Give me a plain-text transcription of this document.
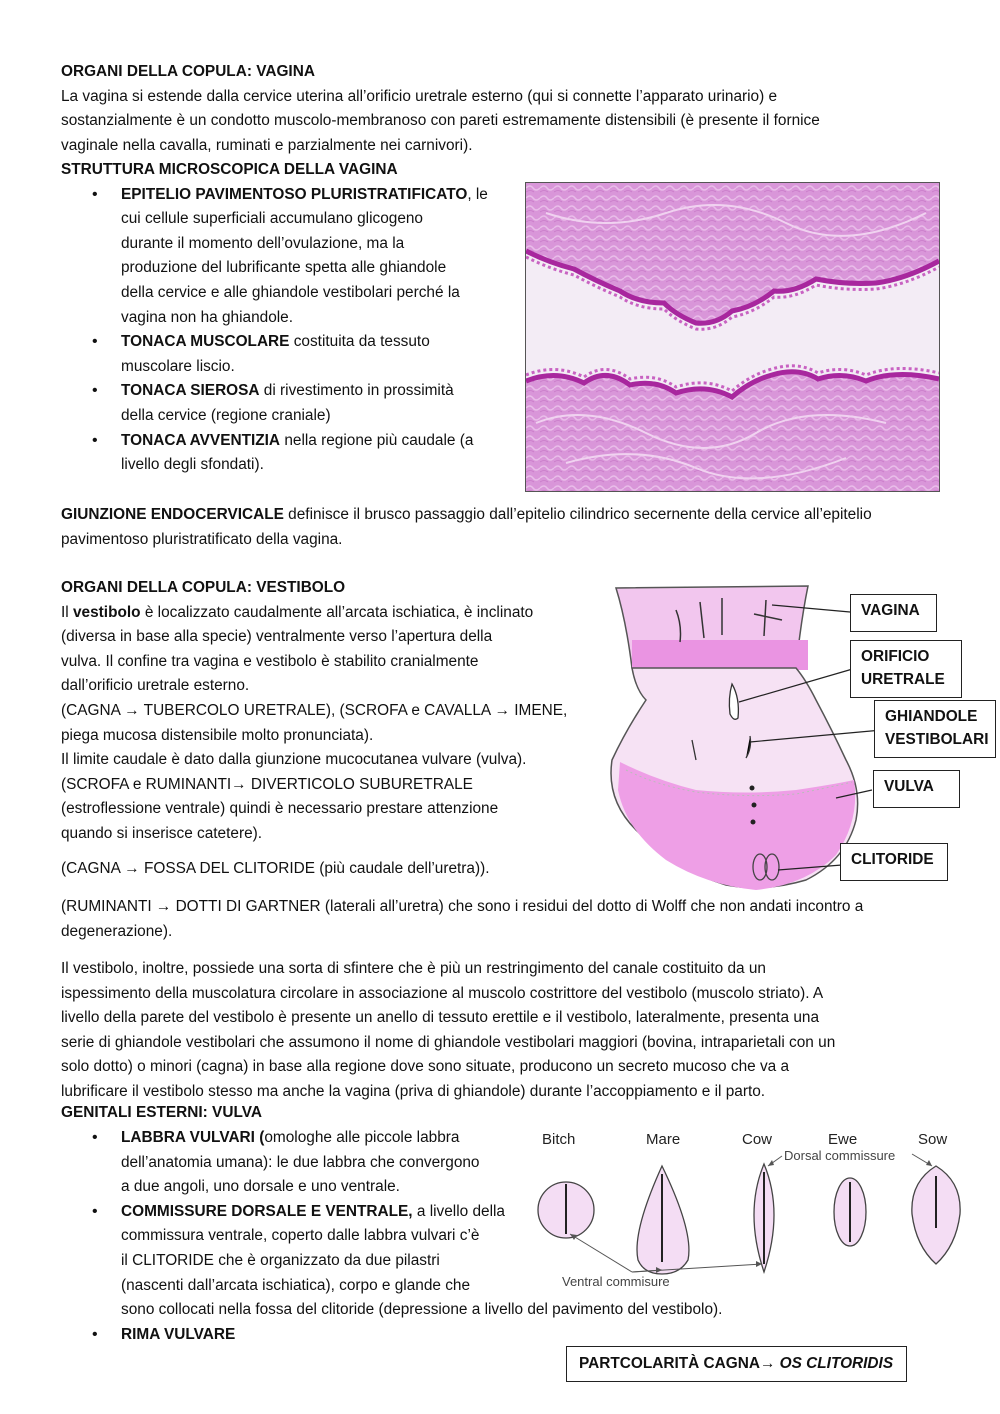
ORGANI DELLA COPULA: VAGINA
La vagina si estende dalla cervice uterina all’orificio uretrale esterno (qui si connette l’apparato urinario) e
sostanzialmente è un condotto muscolo-membranoso con pareti estremamente distensibili (è presente il fornice
vaginale nella cavalla, ruminati e parzialmente nei carnivori).
STRUTTURA MICROSCOPICA DELLA VAGINA
• EPITELIO PAVIMENTOSO PLURISTRATIFICATO, le
cui cellule superficiali accumulano glicogeno
durante il momento dell’ovulazione, ma la
produzione del lubrificante spetta alle ghiandole
della cervice e alle ghiandole vestibolari perché la
vagina non ha ghiandole.
• TONACA MUSCOLARE costituita da tessuto
muscolare liscio.
• TONACA SIEROSA di rivestimento in prossimità
della cervice (regione craniale)
• TONACA AVVENTIZIA nella regione più caudale (a
livello degli sfondati).
GIUNZIONE ENDOCERVICALE definisce il brusco passaggio dall’epitelio cilindrico secernente della cervice all’epitelio
pavimentoso pluristratificato della vagina.
ORGANI DELLA COPULA: VESTIBOLO
Il vestibolo è localizzato caudalmente all’arcata ischiatica, è inclinato
(diversa in base alla specie) ventralmente verso l’apertura della
vulva. Il confine tra vagina e vestibolo è stabilito cranialmente
dall’orificio uretrale esterno.
(CAGNA → TUBERCOLO URETRALE), (SCROFA e CAVALLA → IMENE,
piega mucosa distensibile molto pronunciata).
Il limite caudale è dato dalla giunzione mucocutanea vulvare (vulva).
(SCROFA e RUMINANTI→ DIVERTICOLO SUBURETRALE
(estroflessione ventrale) quindi è necessario prestare attenzione
quando si inserisce catetere).
(CAGNA → FOSSA DEL CLITORIDE (più caudale dell’uretra)).
(RUMINANTI → DOTTI DI GARTNER (laterali all’uretra) che sono i residui del dotto di Wolff che non andati incontro a
degenerazione).
Il vestibolo, inoltre, possiede una sorta di sfintere che è più un restringimento del canale costituito da un
ispessimento della muscolatura circolare in associazione al muscolo costrittore del vestibolo (muscolo striato). A
livello della parete del vestibolo è presente un anello di tessuto erettile e il vestibolo, lateralmente, presenta una
serie di ghiandole vestibolari che assumono il nome di ghiandole vestibolari maggiori (bovina, intraparietali con un
solo dotto) o minori (cagna) in base alla regione dove sono situate, producono un secreto mucoso che va a
lubrificare il vestibolo stesso ma anche la vagina (priva di ghiandole) durante l’accoppiamento e il parto.
VAGINA
ORIFICIO
URETRALE
GHIANDOLE
VESTIBOLARI
VULVA
CLITORIDE
GENITALI ESTERNI: VULVA
• LABBRA VULVARI (omologhe alle piccole labbra
dell’anatomia umana): le due labbra che convergono
a due angoli, uno dorsale e uno ventrale.
• COMMISSURE DORSALE E VENTRALE, a livello della
commissura ventrale, coperto dalle labbra vulvari c’è
il CLITORIDE che è organizzato da due pilastri
(nascenti dall’arcata ischiatica), corpo e glande che
sono collocati nella fossa del clitoride (depressione a livello del pavimento del vestibolo).
• RIMA VULVARE
Bitch	Mare	Cow	Ewe	Sow
Dorsal commissure
Ventral commisure
PARTCOLARITÀ CAGNA→ OS CLITORIDIS
